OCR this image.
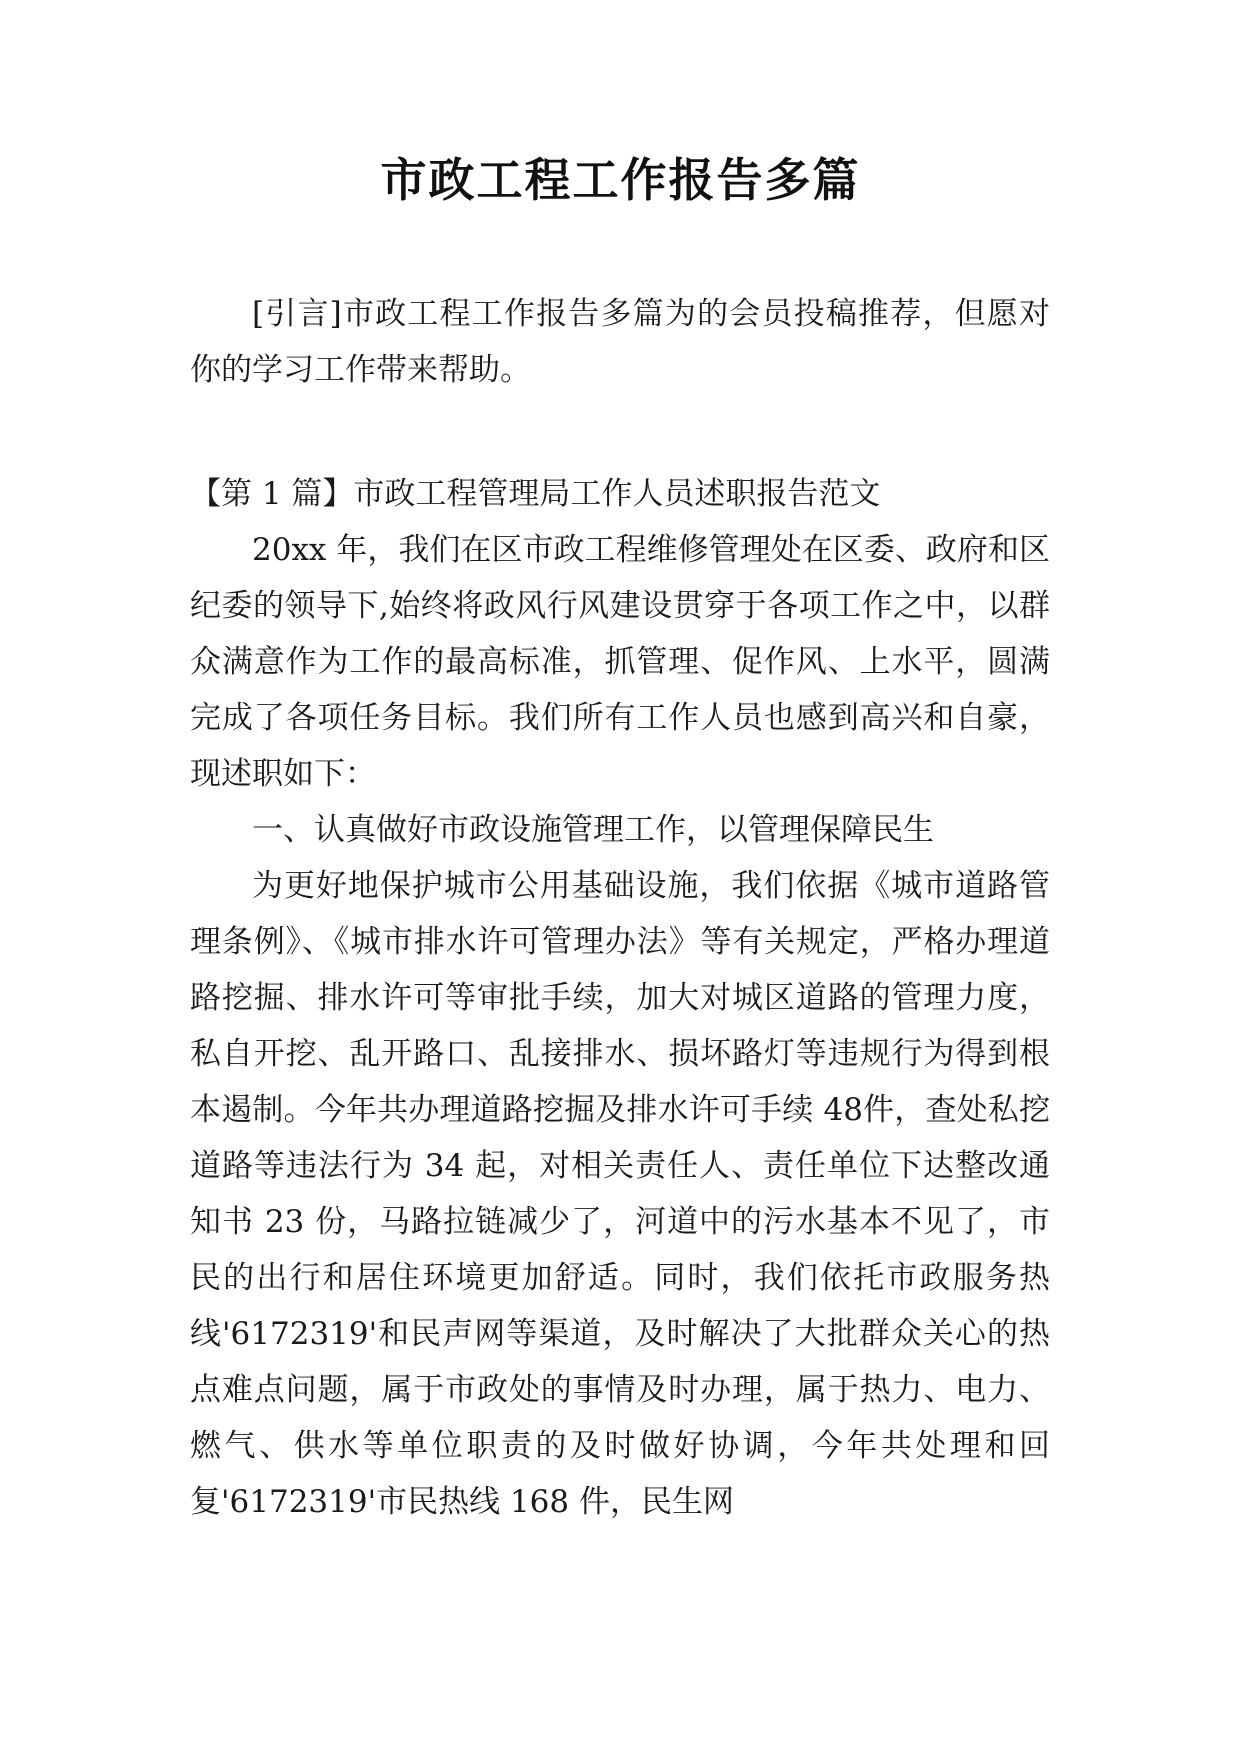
市政工程工作报告多篇

[引言]市政工程工作报告多篇为的会员投稿推荐，但愿对你的学习工作带来帮助。

【第 1 篇】市政工程管理局工作人员述职报告范文

20xx 年，我们在区市政工程维修管理处在区委、政府和区纪委的领导下,始终将政风行风建设贯穿于各项工作之中，以群众满意作为工作的最高标准，抓管理、促作风、上水平，圆满完成了各项任务目标。我们所有工作人员也感到高兴和自豪，现述职如下：

一、认真做好市政设施管理工作，以管理保障民生

为更好地保护城市公用基础设施，我们依据《城市道路管理条例》、《城市排水许可管理办法》等有关规定，严格办理道路挖掘、排水许可等审批手续，加大对城区道路的管理力度，私自开挖、乱开路口、乱接排水、损坏路灯等违规行为得到根本遏制。今年共办理道路挖掘及排水许可手续 48件，查处私挖道路等违法行为 34 起，对相关责任人、责任单位下达整改通知书 23 份，马路拉链减少了，河道中的污水基本不见了，市民的出行和居住环境更加舒适。同时，我们依托市政服务热线'6172319'和民声网等渠道，及时解决了大批群众关心的热点难点问题，属于市政处的事情及时办理，属于热力、电力、燃气、供水等单位职责的及时做好协调，今年共处理和回复'6172319'市民热线 168 件，民生网
